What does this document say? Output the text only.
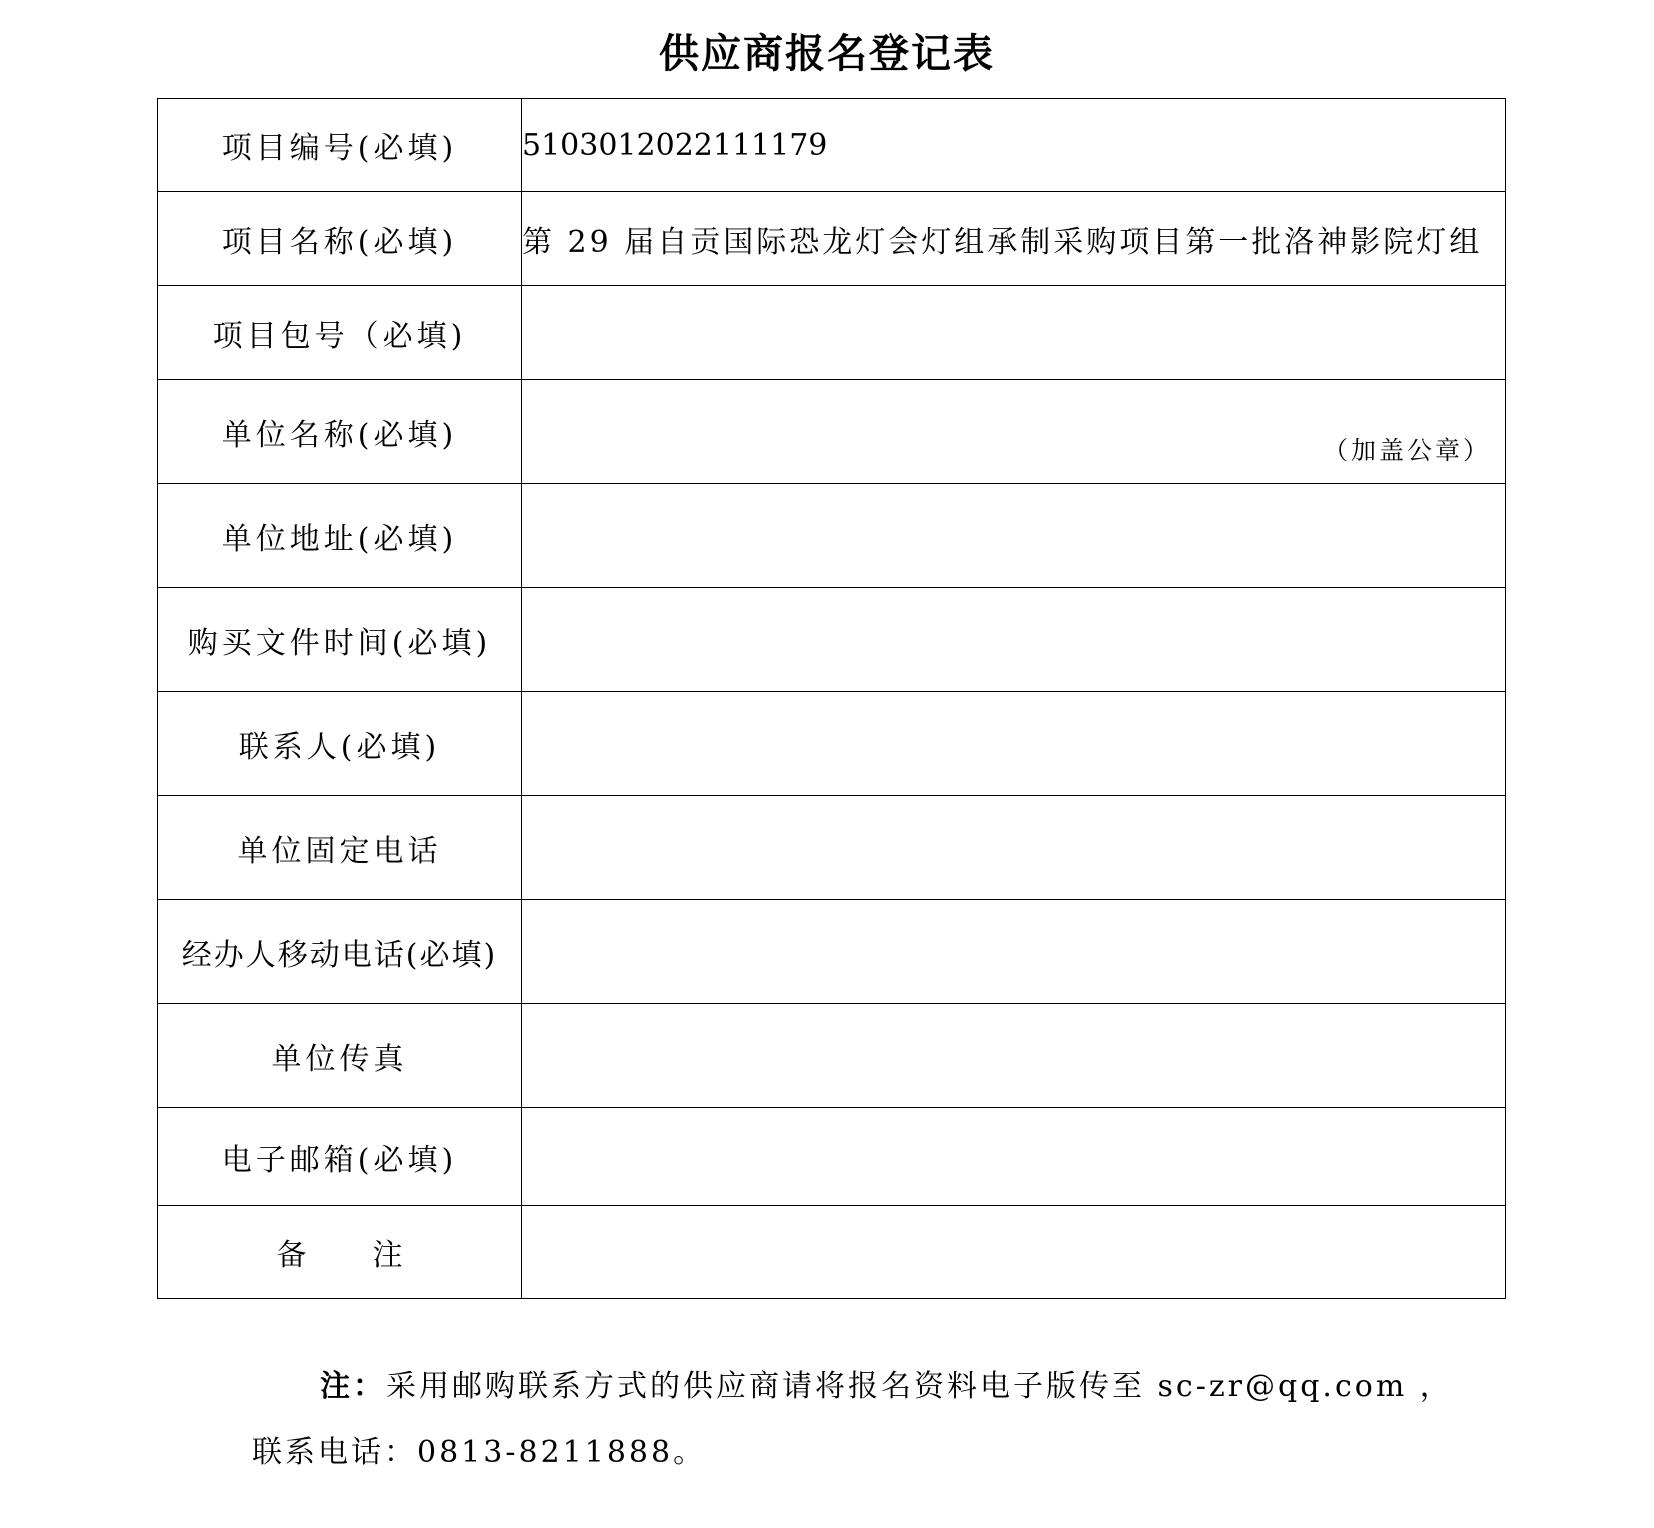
供应商报名登记表
项目编号(必填)	5103012022111179
项目名称(必填)	第 29 届自贡国际恐龙灯会灯组承制采购项目第一批洛神影院灯组
项目包号（必填)	
单位名称(必填)	（加盖公章）

单位地址(必填)	
购买文件时间(必填)	
联系人(必填)	
单位固定电话	
经办人移动电话(必填)	
单位传真	
电子邮箱(必填)	
备 注	
注：采用邮购联系方式的供应商请将报名资料电子版传至 sc-zr@qq.com ，
联系电话：0813-8211888。
